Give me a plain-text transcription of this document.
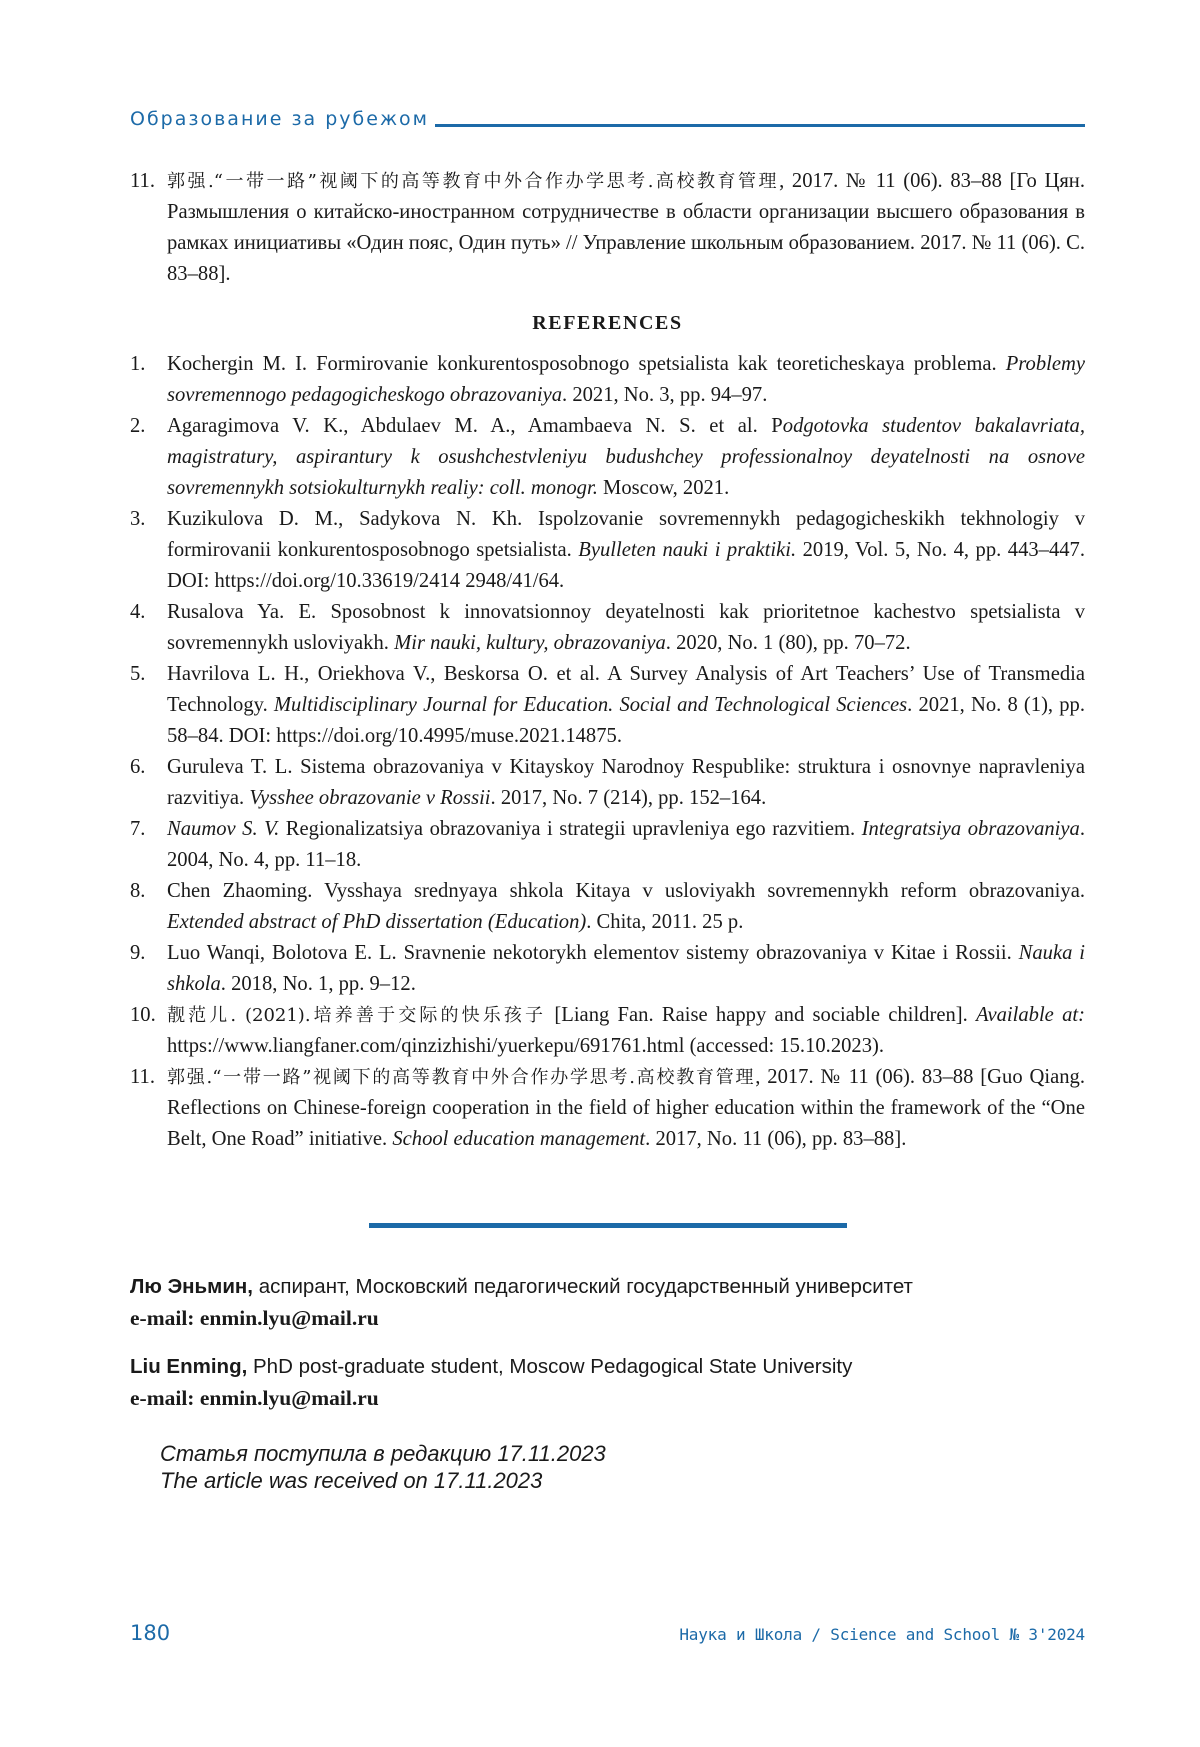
Образование за рубежом
11. 郭强.“一带一路”视阈下的高等教育中外合作办学思考.高校教育管理, 2017. № 11 (06). 83–88 [Го Цян. Размышления о китайско-иностранном сотрудничестве в области организации высшего образования в рамках инициативы «Один пояс, Один путь» // Управление школьным образованием. 2017. № 11 (06). С. 83–88].
REFERENCES
1. Kochergin M. I. Formirovanie konkurentosposobnogo spetsialista kak teoreticheskaya problema. Problemy sovremennogo pedagogicheskogo obrazovaniya. 2021, No. 3, pp. 94–97.
2. Agaragimova V. K., Abdulaev M. A., Amambaeva N. S. et al. Podgotovka studentov bakalavriata, magistratury, aspirantury k osushchestvleniyu budushchey professionalnoy deyatelnosti na osnove sovremennykh sotsiokulturnykh realiy: coll. monogr. Moscow, 2021.
3. Kuzikulova D. M., Sadykova N. Kh. Ispolzovanie sovremennykh pedagogicheskikh tekhnologiy v formirovanii konkurentosposobnogo spetsialista. Byulleten nauki i praktiki. 2019, Vol. 5, No. 4, pp. 443–447. DOI: https://doi.org/10.33619/2414 2948/41/64.
4. Rusalova Ya. E. Sposobnost k innovatsionnoy deyatelnosti kak prioritetnoe kachestvo spetsialista v sovremennykh usloviyakh. Mir nauki, kultury, obrazovaniya. 2020, No. 1 (80), pp. 70–72.
5. Havrilova L. H., Oriekhova V., Beskorsa O. et al. A Survey Analysis of Art Teachers’ Use of Transmedia Technology. Multidisciplinary Journal for Education. Social and Technological Sciences. 2021, No. 8 (1), pp. 58–84. DOI: https://doi.org/10.4995/muse.2021.14875.
6. Guruleva T. L. Sistema obrazovaniya v Kitayskoy Narodnoy Respublike: struktura i osnovnye napravleniya razvitiya. Vysshee obrazovanie v Rossii. 2017, No. 7 (214), pp. 152–164.
7. Naumov S. V. Regionalizatsiya obrazovaniya i strategii upravleniya ego razvitiem. Integratsiya obrazovaniya. 2004, No. 4, pp. 11–18.
8. Chen Zhaoming. Vysshaya srednyaya shkola Kitaya v usloviyakh sovremennykh reform obrazovaniya. Extended abstract of PhD dissertation (Education). Chita, 2011. 25 p.
9. Luo Wanqi, Bolotova E. L. Sravnenie nekotorykh elementov sistemy obrazovaniya v Kitae i Rossii. Nauka i shkola. 2018, No. 1, pp. 9–12.
10. 靓范儿. (2021).培养善于交际的快乐孩子 [Liang Fan. Raise happy and sociable children]. Available at: https://www.liangfaner.com/qinzizhishi/yuerkepu/691761.html (accessed: 15.10.2023).
11. 郭强.“一带一路”视阈下的高等教育中外合作办学思考.高校教育管理, 2017. № 11 (06). 83–88 [Guo Qiang. Reflections on Chinese-foreign cooperation in the field of higher education within the framework of the “One Belt, One Road” initiative. School education management. 2017, No. 11 (06), pp. 83–88].
Лю Эньмин, аспирант, Московский педагогический государственный университет
e-mail: enmin.lyu@mail.ru
Liu Enming, PhD post-graduate student, Moscow Pedagogical State University
e-mail: enmin.lyu@mail.ru
Статья поступила в редакцию 17.11.2023
The article was received on 17.11.2023
180	Наука и Школа / Science and School № 3'2024
